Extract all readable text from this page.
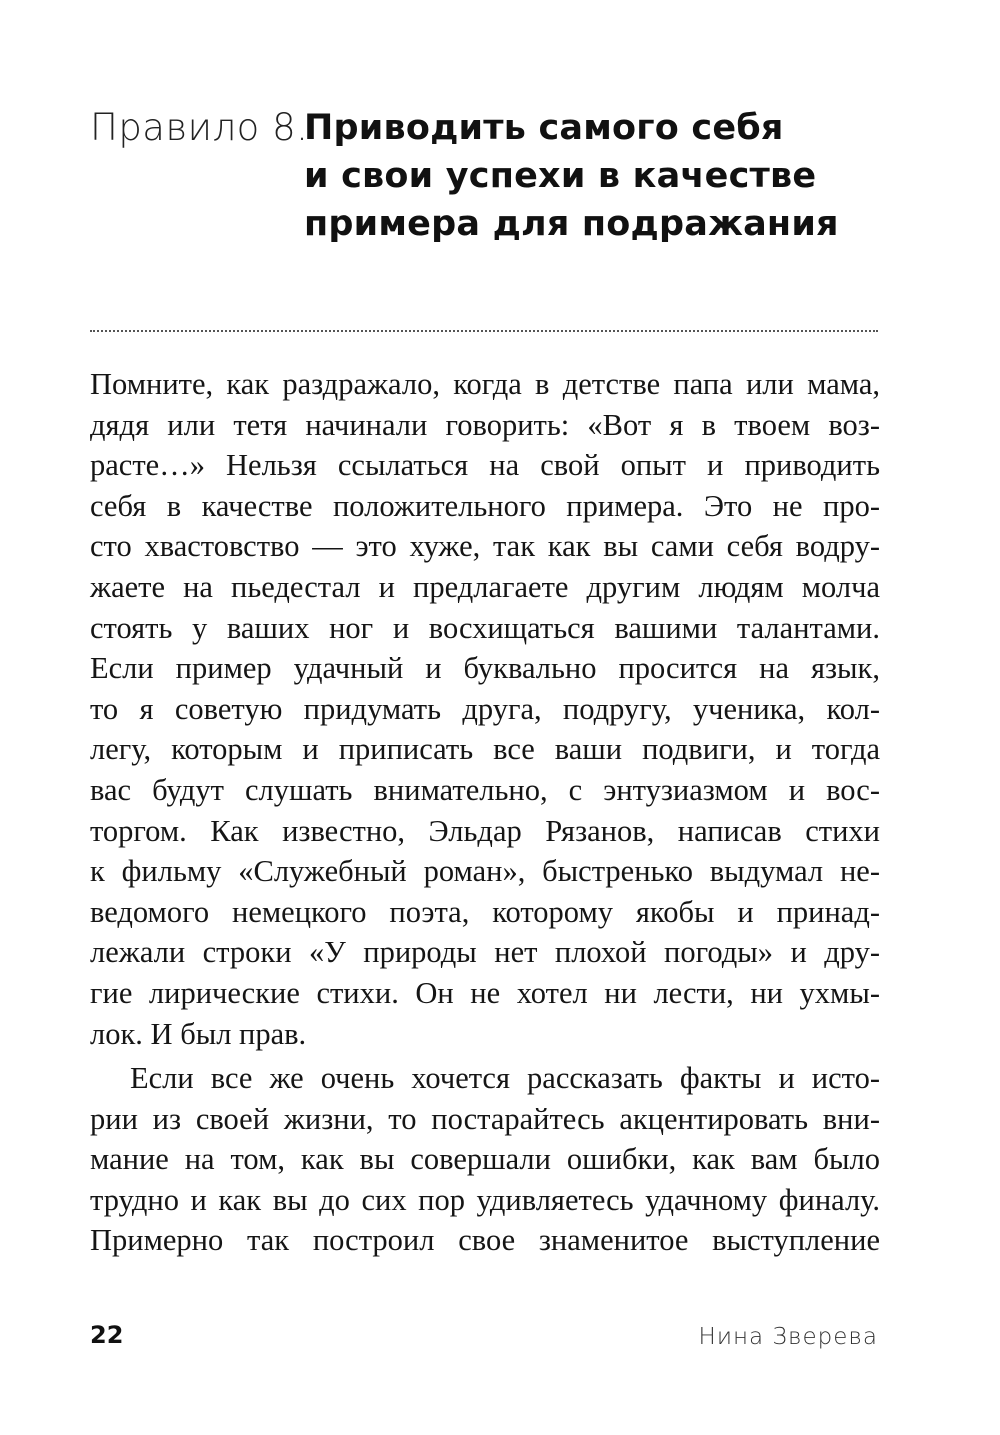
Правило 8.
Приводить самого себя
и свои успехи в качестве
примера для подражания
Помните, как раздражало, когда в детстве папа или мама,
дядя или тетя начинали говорить: «Вот я в твоем воз-
расте…» Нельзя ссылаться на свой опыт и приводить
себя в качестве положительного примера. Это не про-
сто хвастовство — это хуже, так как вы сами себя водру-
жаете на пьедестал и предлагаете другим людям молча
стоять у ваших ног и восхищаться вашими талантами.
Если пример удачный и буквально просится на язык,
то я советую придумать друга, подругу, ученика, кол-
легу, которым и приписать все ваши подвиги, и тогда
вас будут слушать внимательно, с энтузиазмом и вос-
торгом. Как известно, Эльдар Рязанов, написав стихи
к фильму «Служебный роман», быстренько выдумал не-
ведомого немецкого поэта, которому якобы и принад-
лежали строки «У природы нет плохой погоды» и дру-
гие лирические стихи. Он не хотел ни лести, ни ухмы-
лок. И был прав.
Если все же очень хочется рассказать факты и исто-
рии из своей жизни, то постарайтесь акцентировать вни-
мание на том, как вы совершали ошибки, как вам было
трудно и как вы до сих пор удивляетесь удачному финалу.
Примерно так построил свое знаменитое выступление
22	Нина Зверева
